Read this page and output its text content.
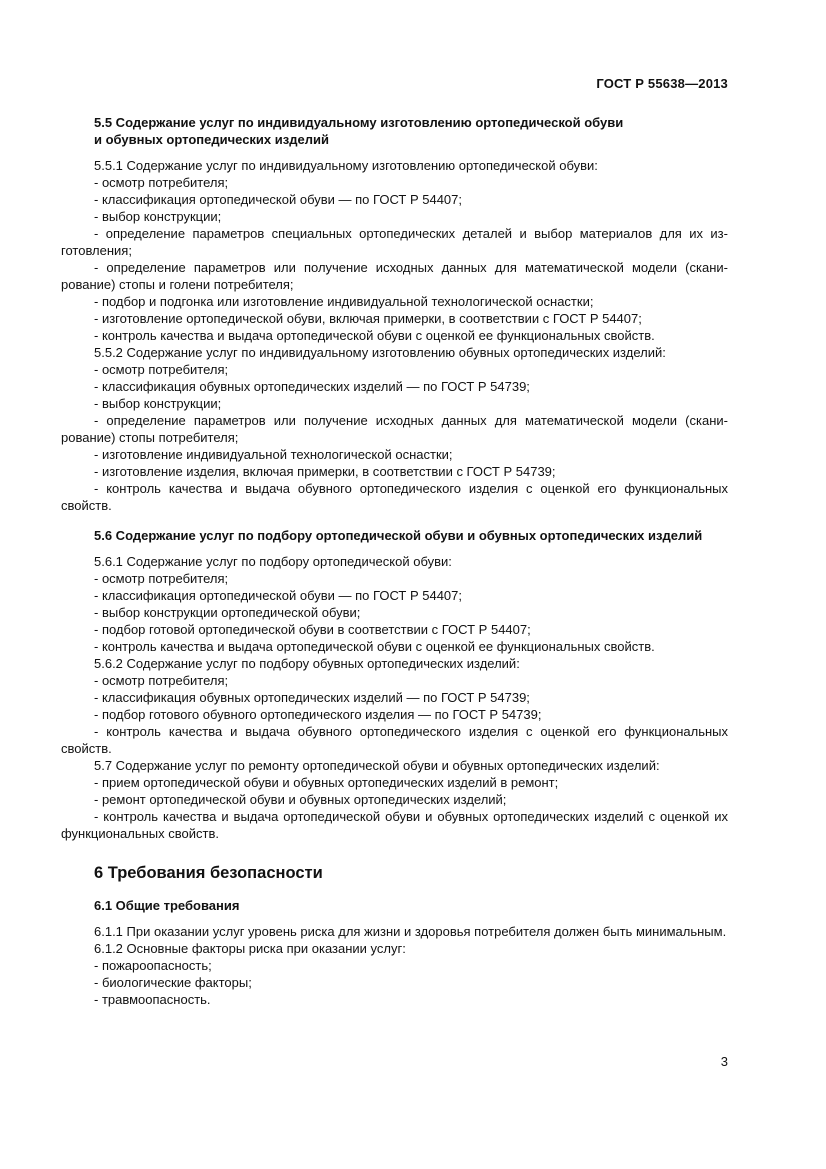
ГОСТ Р 55638—2013
5.5 Содержание услуг по индивидуальному изготовлению ортопедической обуви
и обувных ортопедических изделий
5.5.1 Содержание услуг по индивидуальному изготовлению ортопедической обуви:
- осмотр потребителя;
- классификация ортопедической обуви — по ГОСТ Р 54407;
- выбор конструкции;
- определение параметров специальных ортопедических деталей и выбор материалов для их изготовления;
- определение параметров или получение исходных данных для математической модели (сканирование) стопы и голени потребителя;
- подбор и подгонка или изготовление индивидуальной технологической оснастки;
- изготовление ортопедической обуви, включая примерки, в соответствии с ГОСТ Р 54407;
- контроль качества и выдача ортопедической обуви с оценкой ее функциональных свойств.
5.5.2 Содержание услуг по индивидуальному изготовлению обувных ортопедических изделий:
- осмотр потребителя;
- классификация обувных ортопедических изделий — по ГОСТ Р 54739;
- выбор конструкции;
- определение параметров или получение исходных данных для математической модели (сканирование) стопы потребителя;
- изготовление индивидуальной технологической оснастки;
- изготовление изделия, включая примерки, в соответствии с ГОСТ Р 54739;
- контроль качества и выдача обувного ортопедического изделия с оценкой его функциональных свойств.
5.6 Содержание услуг по подбору ортопедической обуви и обувных ортопедических изделий
5.6.1 Содержание услуг по подбору ортопедической обуви:
- осмотр потребителя;
- классификация ортопедической обуви — по ГОСТ Р 54407;
- выбор конструкции ортопедической обуви;
- подбор готовой ортопедической обуви в соответствии с ГОСТ Р 54407;
- контроль качества и выдача ортопедической обуви с оценкой ее функциональных свойств.
5.6.2 Содержание услуг по подбору обувных ортопедических изделий:
- осмотр потребителя;
- классификация обувных ортопедических изделий — по ГОСТ Р 54739;
- подбор готового обувного ортопедического изделия — по ГОСТ Р 54739;
- контроль качества и выдача обувного ортопедического изделия с оценкой его функциональных свойств.
5.7 Содержание услуг по ремонту ортопедической обуви и обувных ортопедических изделий:
- прием ортопедической обуви и обувных ортопедических изделий в ремонт;
- ремонт ортопедической обуви и обувных ортопедических изделий;
- контроль качества и выдача ортопедической обуви и обувных ортопедических изделий с оценкой их функциональных свойств.
6 Требования безопасности
6.1 Общие требования
6.1.1 При оказании услуг уровень риска для жизни и здоровья потребителя должен быть минимальным.
6.1.2 Основные факторы риска при оказании услуг:
- пожароопасность;
- биологические факторы;
- травмоопасность.
3
